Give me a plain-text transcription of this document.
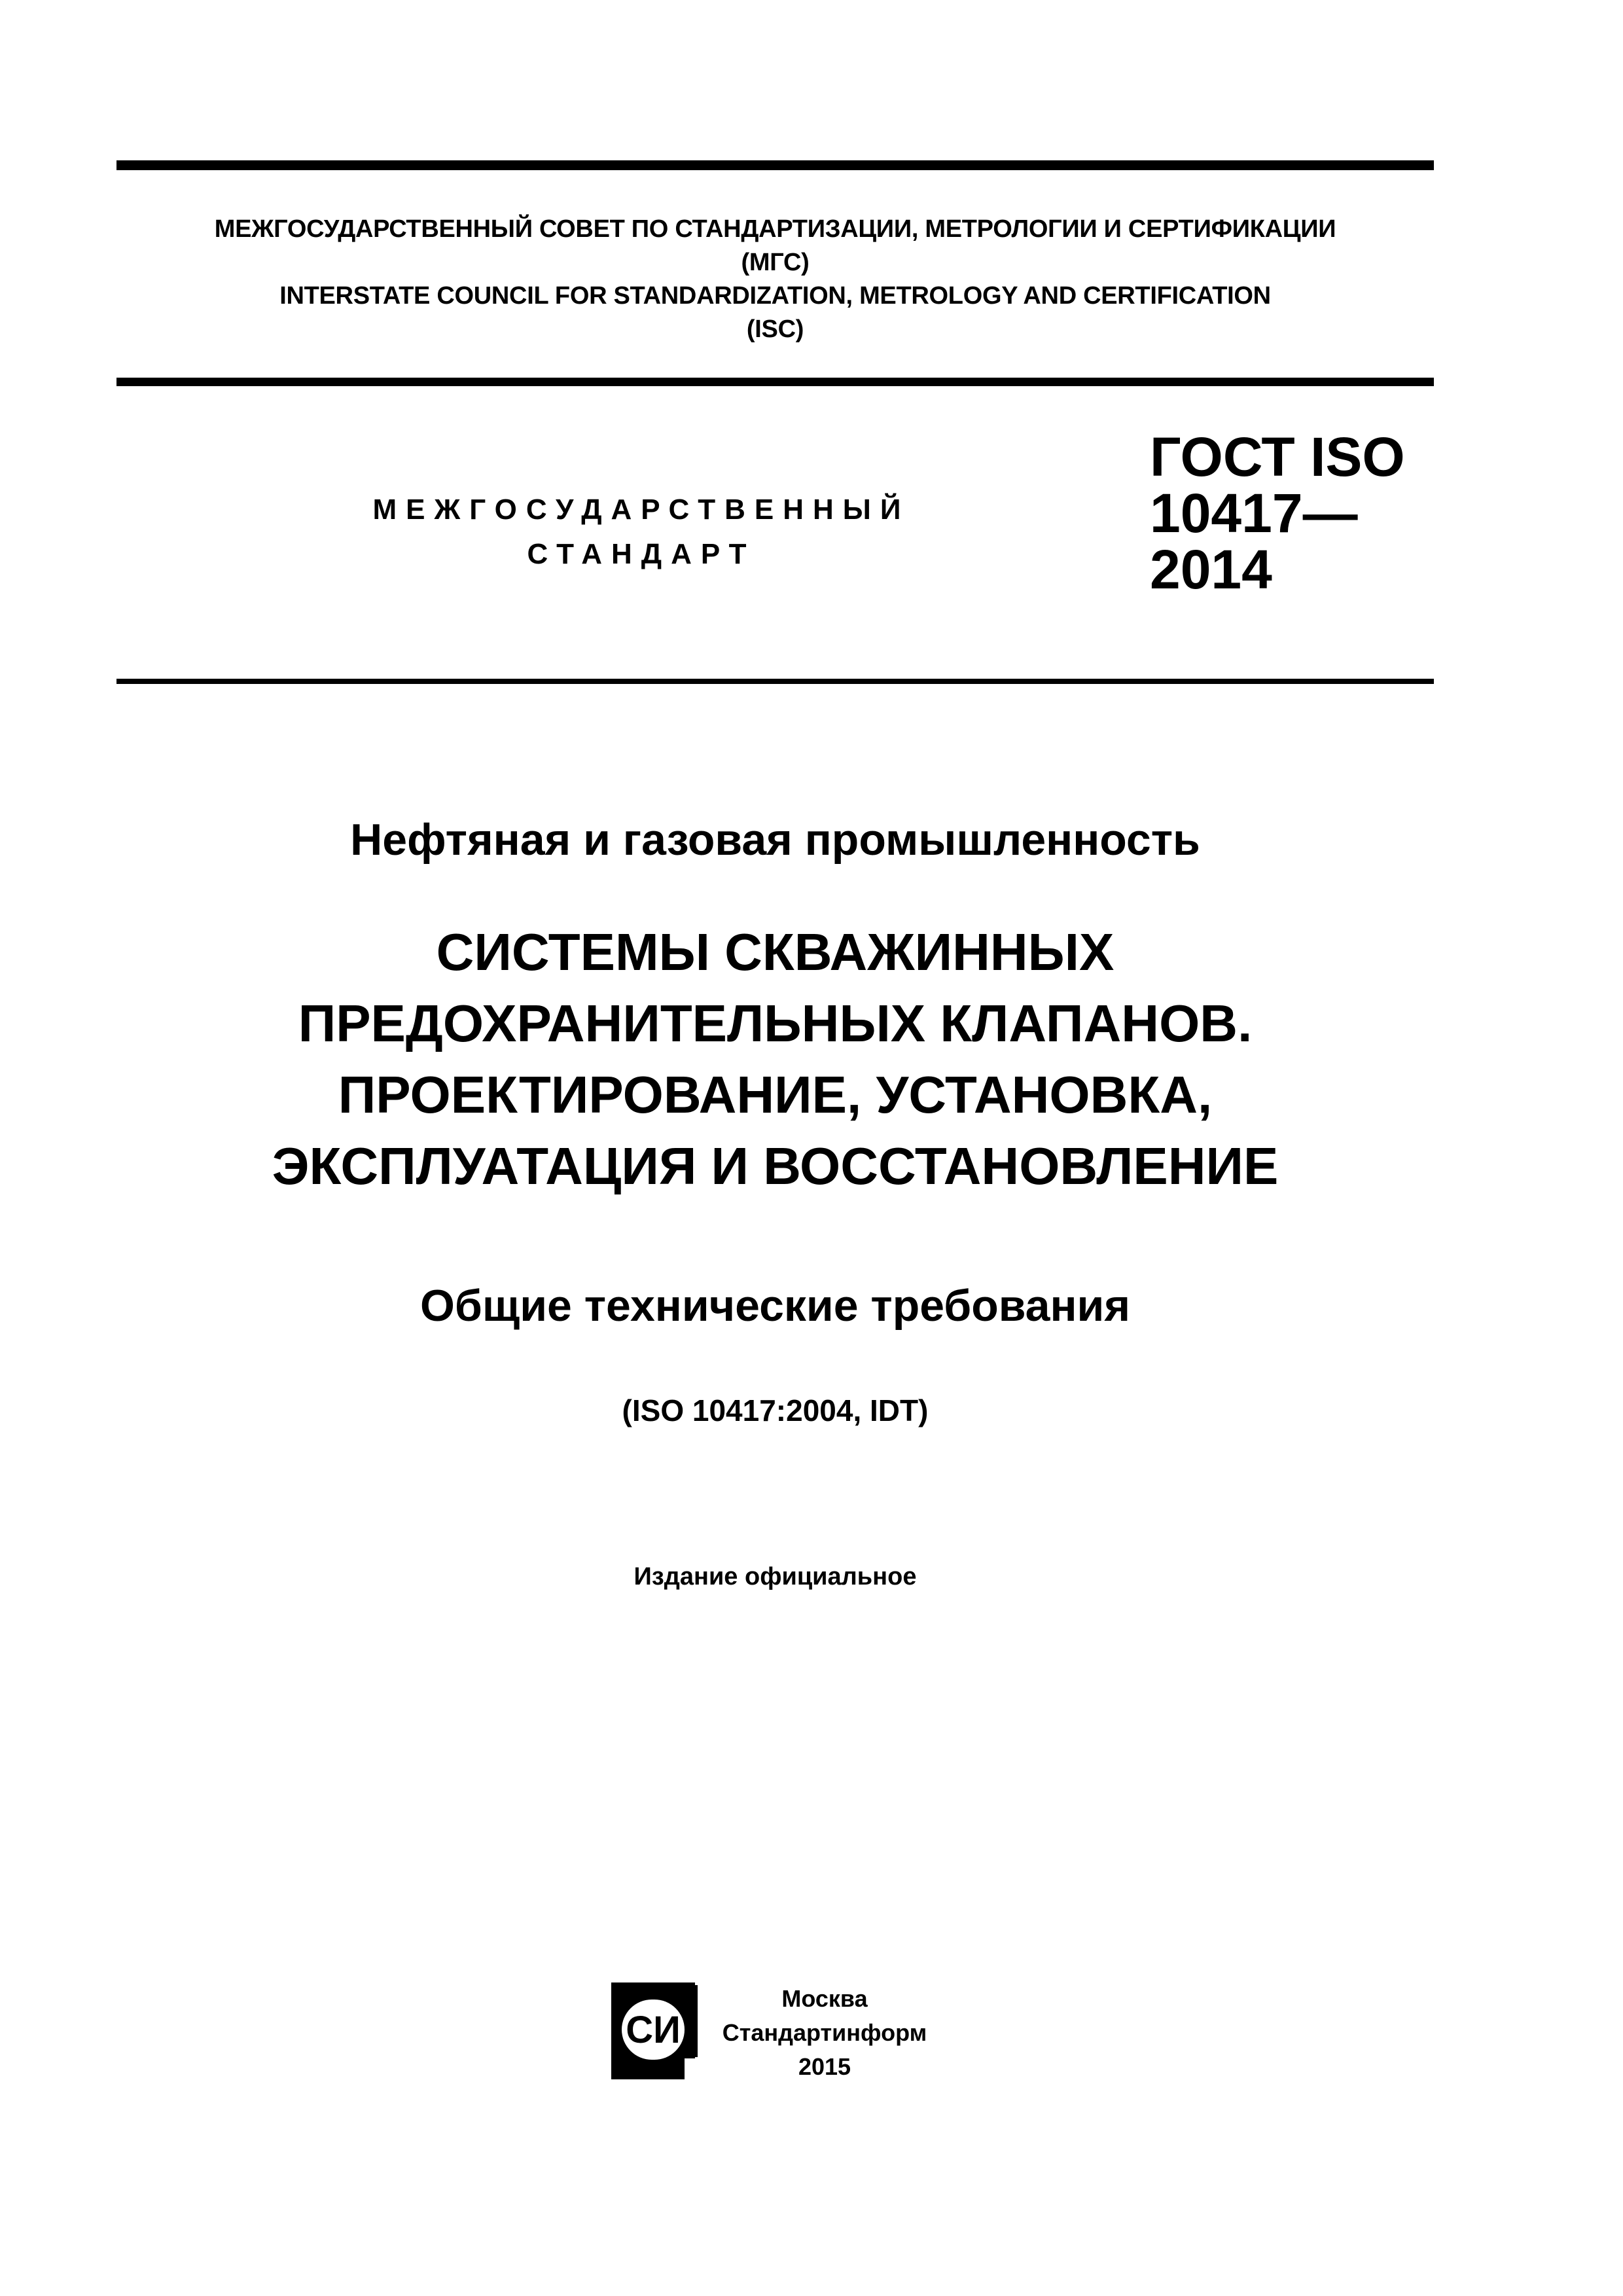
МЕЖГОСУДАРСТВЕННЫЙ СОВЕТ ПО СТАНДАРТИЗАЦИИ, МЕТРОЛОГИИ И СЕРТИФИКАЦИИ
(МГС)
INTERSTATE COUNCIL FOR STANDARDIZATION, METROLOGY AND CERTIFICATION
(ISC)
МЕЖГОСУДАРСТВЕННЫЙ
СТАНДАРТ
ГОСТ ISO
10417—
2014
Нефтяная и газовая промышленность
СИСТЕМЫ СКВАЖИННЫХ
ПРЕДОХРАНИТЕЛЬНЫХ КЛАПАНОВ.
ПРОЕКТИРОВАНИЕ, УСТАНОВКА,
ЭКСПЛУАТАЦИЯ И ВОССТАНОВЛЕНИЕ
Общие технические требования
(ISO 10417:2004, IDT)
Издание официальное
СИ
Москва
Стандартинформ
2015
